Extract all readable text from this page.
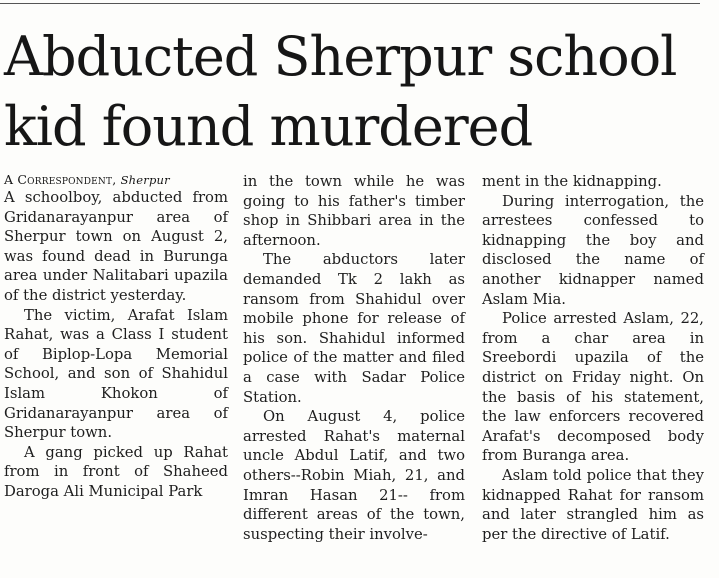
Abducted Sherpur school
kid found murdered

A Correspondent, Sherpur

A schoolboy, abducted from Gridanarayanpur area of Sherpur town on August 2, was found dead in Burunga area under Nalitabari upazila of the district yesterday.

The victim, Arafat Islam Rahat, was a Class I student of Biplop-Lopa Memorial School, and son of Shahidul Islam Khokon of Gridanarayanpur area of Sherpur town.

A gang picked up Rahat from in front of Shaheed Daroga Ali Municipal Park

in the town while he was going to his father's timber shop in Shibbari area in the afternoon.

The abductors later demanded Tk 2 lakh as ransom from Shahidul over mobile phone for release of his son. Shahidul informed police of the matter and filed a case with Sadar Police Station.

On August 4, police arrested Rahat's maternal uncle Abdul Latif, and two others--Robin Miah, 21, and Imran Hasan 21-- from different areas of the town, suspecting their involve-

ment in the kidnapping.

During interrogation, the arrestees confessed to kidnapping the boy and disclosed the name of another kidnapper named Aslam Mia.

Police arrested Aslam, 22, from a char area in Sreebordi upazila of the district on Friday night. On the basis of his statement, the law enforcers recovered Arafat's decomposed body from Buranga area.

Aslam told police that they kidnapped Rahat for ransom and later strangled him as per the directive of Latif.
